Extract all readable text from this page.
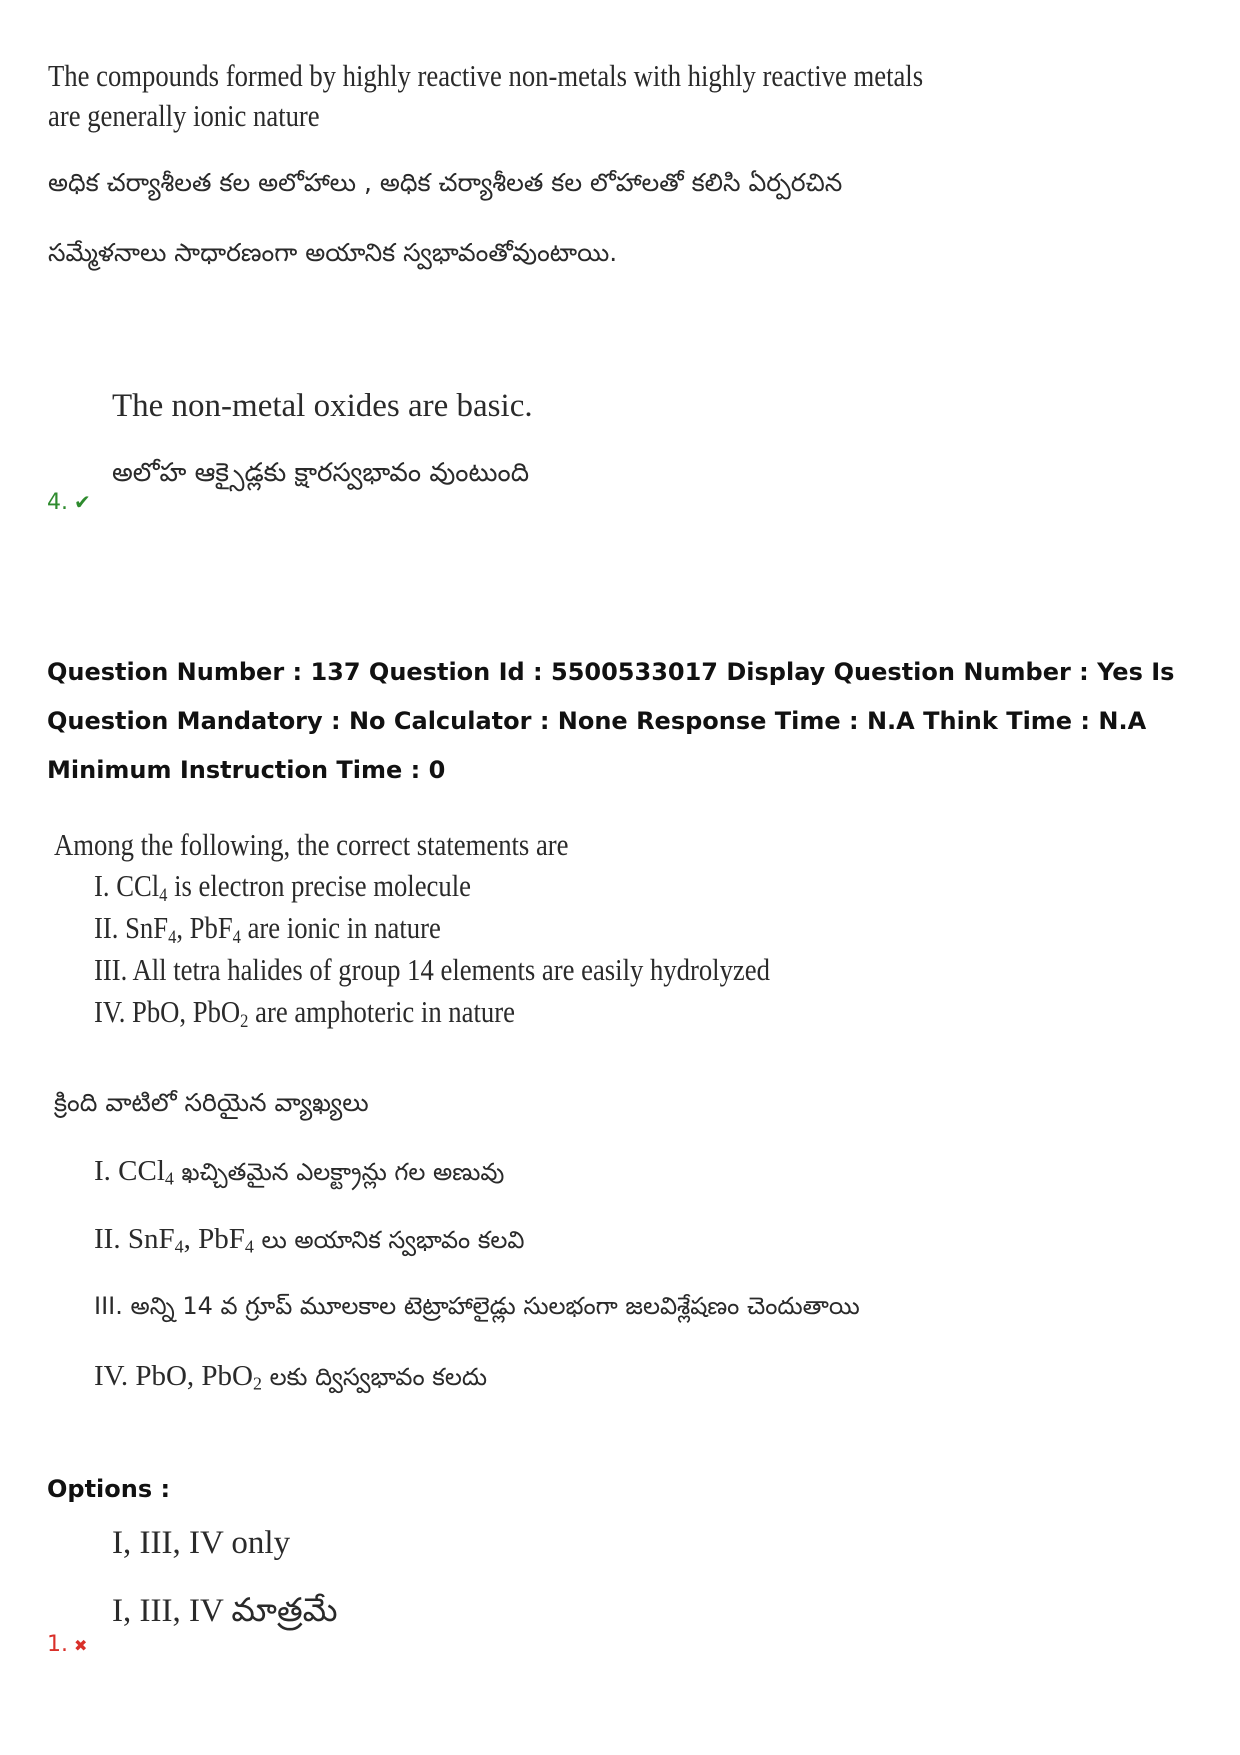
The compounds formed by highly reactive non-metals with highly reactive metals
are generally ionic nature
అధిక చర్యాశీలత కల అలోహాలు , అధిక చర్యాశీలత కల లోహాలతో కలిసి ఏర్పరచిన
సమ్మేళనాలు సాధారణంగా అయానిక స్వభావంతోవుంటాయి.
The non-metal oxides are basic.
అలోహ ఆక్సైడ్లకు క్షారస్వభావం వుంటుంది
4. ✔
Question Number : 137 Question Id : 5500533017 Display Question Number : Yes Is Question Mandatory : No Calculator : None Response Time : N.A Think Time : N.A Minimum Instruction Time : 0
Among the following, the correct statements are
I. CCl$_4$ is electron precise molecule
II. SnF$_4$, PbF$_4$ are ionic in nature
III. All tetra halides of group 14 elements are easily hydrolyzed
IV. PbO, PbO$_2$ are amphoteric in nature
క్రింది వాటిలో సరియైన వ్యాఖ్యలు
I. CCl$_4$ ఖచ్చితమైన ఎలక్ట్రాన్లు గల అణువు
II. SnF$_4$, PbF$_4$ లు అయానిక స్వభావం కలవి
III. అన్ని 14 వ గ్రూప్ మూలకాల టెట్రాహాలైడ్లు సులభంగా జలవిశ్లేషణం చెందుతాయి
IV. PbO, PbO$_2$ లకు ద్విస్వభావం కలదు
Options :
I, III, IV only
I, III, IV మాత్రమే
1. ✖
